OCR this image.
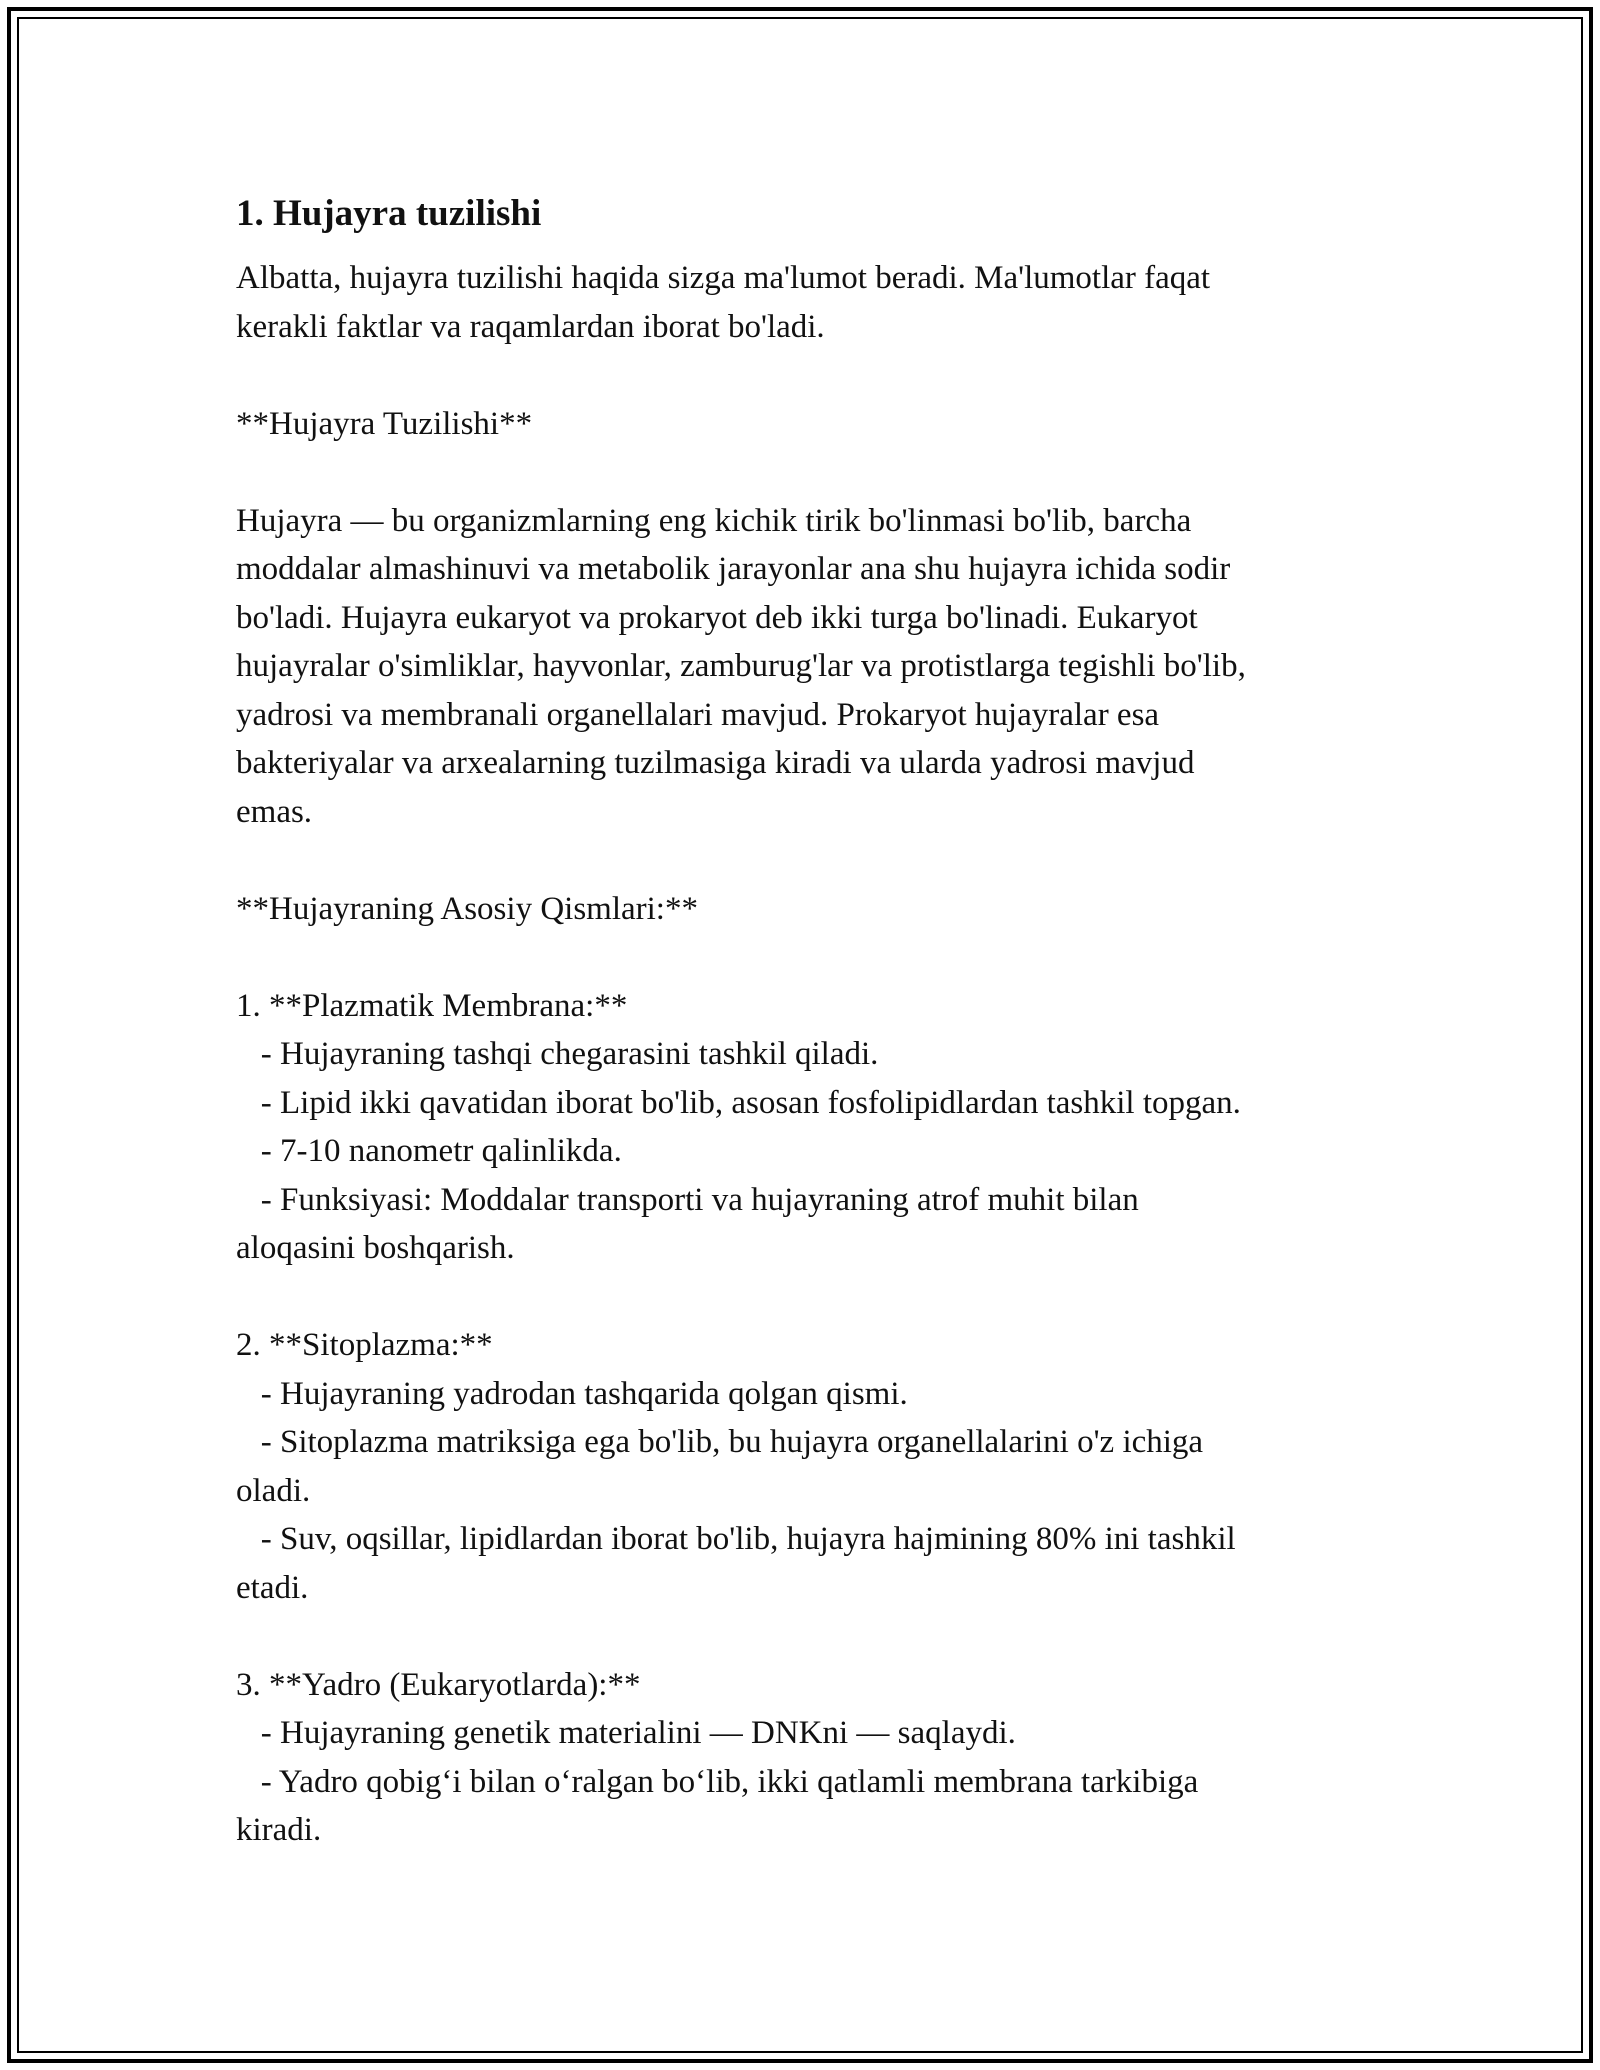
1. Hujayra tuzilishi

Albatta, hujayra tuzilishi haqida sizga ma'lumot beradi. Ma'lumotlar faqat
kerakli faktlar va raqamlardan iborat bo'ladi.

**Hujayra Tuzilishi**

Hujayra — bu organizmlarning eng kichik tirik bo'linmasi bo'lib, barcha
moddalar almashinuvi va metabolik jarayonlar ana shu hujayra ichida sodir
bo'ladi. Hujayra eukaryot va prokaryot deb ikki turga bo'linadi. Eukaryot
hujayralar o'simliklar, hayvonlar, zamburug'lar va protistlarga tegishli bo'lib,
yadrosi va membranali organellalari mavjud. Prokaryot hujayralar esa
bakteriyalar va arxealarning tuzilmasiga kiradi va ularda yadrosi mavjud
emas.

**Hujayraning Asosiy Qismlari:**

1. **Plazmatik Membrana:**
- Hujayraning tashqi chegarasini tashkil qiladi.
- Lipid ikki qavatidan iborat bo'lib, asosan fosfolipidlardan tashkil topgan.
- 7-10 nanometr qalinlikda.
- Funksiyasi: Moddalar transporti va hujayraning atrof muhit bilan
aloqasini boshqarish.

2. **Sitoplazma:**
- Hujayraning yadrodan tashqarida qolgan qismi.
- Sitoplazma matriksiga ega bo'lib, bu hujayra organellalarini o'z ichiga
oladi.
- Suv, oqsillar, lipidlardan iborat bo'lib, hujayra hajmining 80% ini tashkil
etadi.

3. **Yadro (Eukaryotlarda):**
- Hujayraning genetik materialini — DNKni — saqlaydi.
- Yadro qobig‘i bilan o‘ralgan bo‘lib, ikki qatlamli membrana tarkibiga
kiradi.
